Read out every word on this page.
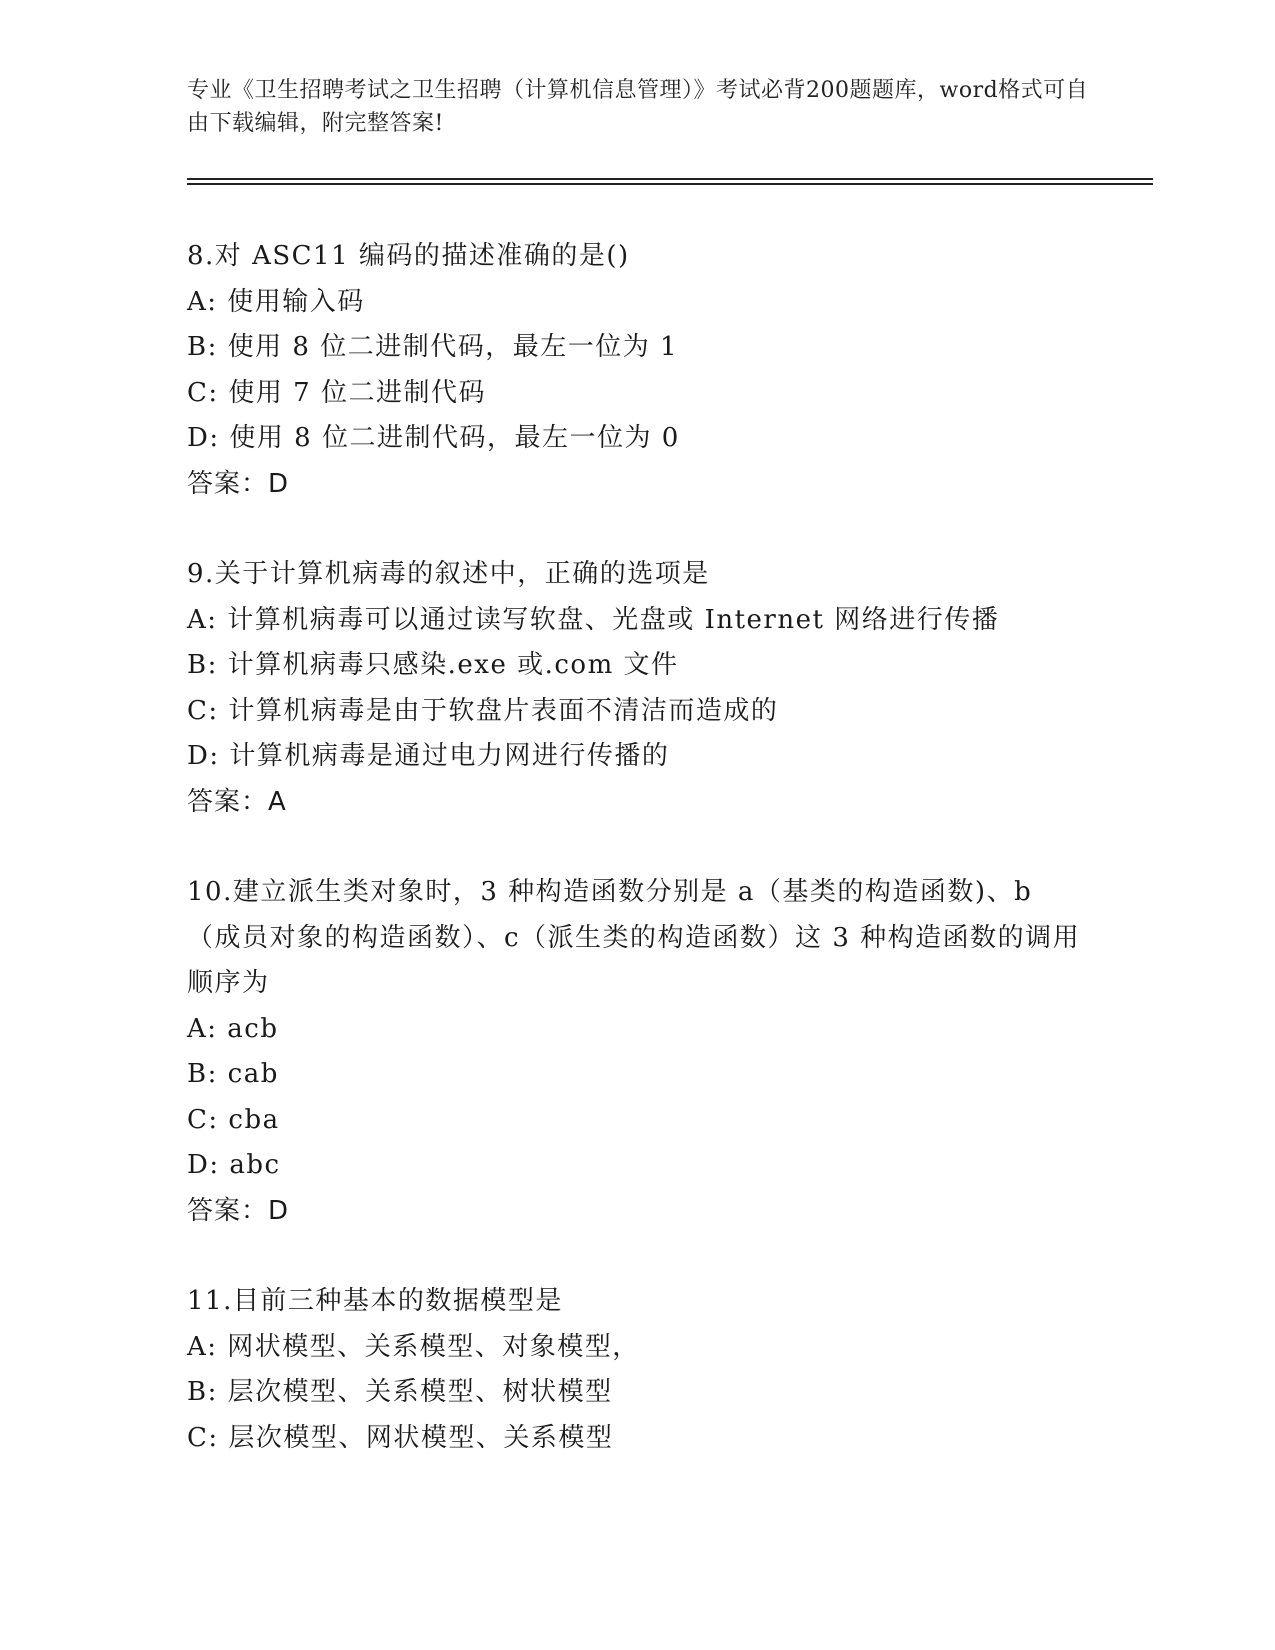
专业《卫生招聘考试之卫生招聘（计算机信息管理）》考试必背200题题库，word格式可自由下载编辑，附完整答案!
8.对 ASC11 编码的描述准确的是()
A: 使用输入码
B: 使用 8 位二进制代码，最左一位为 1
C: 使用 7 位二进制代码
D: 使用 8 位二进制代码，最左一位为 0
答案：D
9.关于计算机病毒的叙述中，正确的选项是
A: 计算机病毒可以通过读写软盘、光盘或 Internet 网络进行传播
B: 计算机病毒只感染.exe 或.com 文件
C: 计算机病毒是由于软盘片表面不清洁而造成的
D: 计算机病毒是通过电力网进行传播的
答案：A
10.建立派生类对象时，3 种构造函数分别是 a（基类的构造函数)、b（成员对象的构造函数）、c（派生类的构造函数）这 3 种构造函数的调用顺序为
A: acb
B: cab
C: cba
D: abc
答案：D
11.目前三种基本的数据模型是
A: 网状模型、关系模型、对象模型，
B: 层次模型、关系模型、树状模型
C: 层次模型、网状模型、关系模型
